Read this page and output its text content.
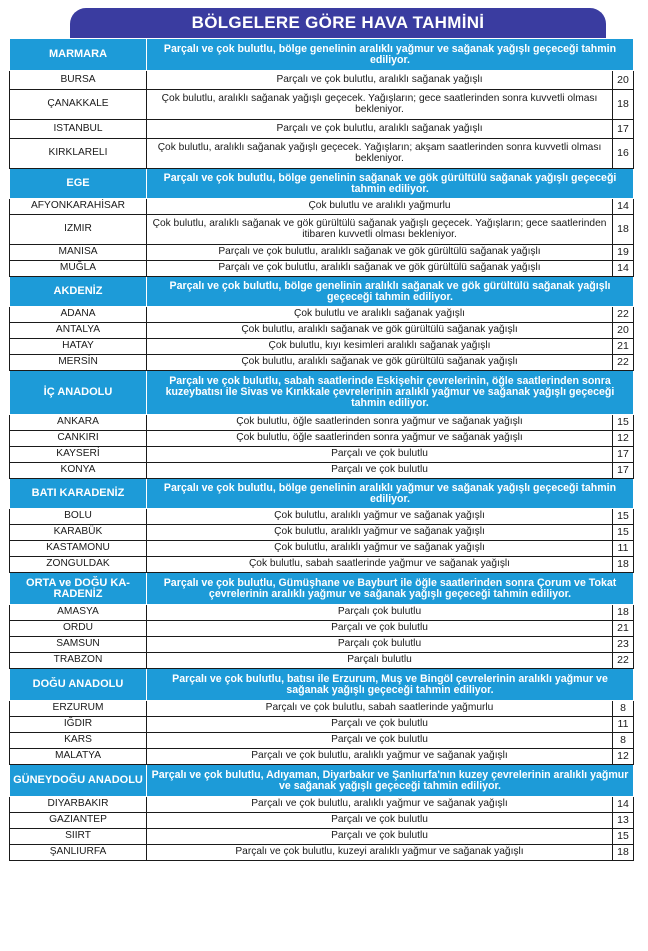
BÖLGELERE GÖRE HAVA TAHMİNİ
MARMARA	Parçalı ve çok bulutlu, bölge genelinin aralıklı yağmur ve sağanak yağışlı geçeceği tahmin ediliyor.	
BURSA	Parçalı ve çok bulutlu, aralıklı sağanak yağışlı	20
ÇANAKKALE	Çok bulutlu, aralıklı sağanak yağışlı geçecek. Yağışların; gece saatlerinden sonra kuvvetli olması bekleniyor.	18
ISTANBUL	Parçalı ve çok bulutlu, aralıklı sağanak yağışlı	17
KIRKLARELI	Çok bulutlu, aralıklı sağanak yağışlı geçecek. Yağışların; akşam saatlerinden sonra kuvvetli olması bekleniyor.	16
EGE	Parçalı ve çok bulutlu, bölge genelinin sağanak ve gök gürültülü sağanak yağışlı geçeceği tahmin ediliyor.	
AFYONKARAHİSAR	Çok bulutlu ve aralıklı yağmurlu	14
IZMIR	Çok bulutlu, aralıklı sağanak ve gök gürültülü sağanak yağışlı geçecek. Yağışların; gece saatlerinden itibaren kuvvetli olması bekleniyor.	18
MANISA	Parçalı ve çok bulutlu, aralıklı sağanak ve gök gürültülü sağanak yağışlı	19
MUĞLA	Parçalı ve çok bulutlu, aralıklı sağanak ve gök gürültülü sağanak yağışlı	14
AKDENİZ	Parçalı ve çok bulutlu, bölge genelinin aralıklı sağanak ve gök gürültülü sağanak yağışlı geçeceği tahmin ediliyor.	
ADANA	Çok bulutlu ve aralıklı sağanak yağışlı	22
ANTALYA	Çok bulutlu, aralıklı sağanak ve gök gürültülü sağanak yağışlı	20
HATAY	Çok bulutlu, kıyı kesimleri aralıklı sağanak yağışlı	21
MERSİN	Çok bulutlu, aralıklı sağanak ve gök gürültülü sağanak yağışlı	22
İÇ ANADOLU	Parçalı ve çok bulutlu, sabah saatlerinde Eskişehir çevrelerinin, öğle saatlerinden sonra kuzeybatısı ile Sivas ve Kırıkkale çevrelerinin aralıklı yağmur ve sağanak yağışlı geçeceği tahmin ediliyor.	
ANKARA	Çok bulutlu, öğle saatlerinden sonra yağmur ve sağanak yağışlı	15
CANKIRI	Çok bulutlu, öğle saatlerinden sonra yağmur ve sağanak yağışlı	12
KAYSERİ	Parçalı ve çok bulutlu	17
KONYA	Parçalı ve çok bulutlu	17
BATI KARADENİZ	Parçalı ve çok bulutlu, bölge genelinin aralıklı yağmur ve sağanak yağışlı geçeceği tahmin ediliyor.	
BOLU	Çok bulutlu, aralıklı yağmur ve sağanak yağışlı	15
KARABÜK	Çok bulutlu, aralıklı yağmur ve sağanak yağışlı	15
KASTAMONU	Çok bulutlu, aralıklı yağmur ve sağanak yağışlı	11
ZONGULDAK	Çok bulutlu, sabah saatlerinde yağmur ve sağanak yağışlı	18
ORTA ve DOĞU KA-RADENİZ	Parçalı ve çok bulutlu, Gümüşhane ve Bayburt ile öğle saatlerinden sonra Çorum ve Tokat çevrelerinin aralıklı yağmur ve sağanak yağışlı geçeceği tahmin ediliyor.	
AMASYA	Parçalı çok bulutlu	18
ORDU	Parçalı ve çok bulutlu	21
SAMSUN	Parçalı çok bulutlu	23
TRABZON	Parçalı bulutlu	22
DOĞU ANADOLU	Parçalı ve çok bulutlu, batısı ile Erzurum, Muş ve Bingöl çevrelerinin aralıklı yağmur ve sağanak yağışlı geçeceği tahmin ediliyor.	
ERZURUM	Parçalı ve çok bulutlu, sabah saatlerinde yağmurlu	8
IĞDIR	Parçalı ve çok bulutlu	11
KARS	Parçalı ve çok bulutlu	8
MALATYA	Parçalı ve çok bulutlu, aralıklı yağmur ve sağanak yağışlı	12
GÜNEYDOĞU ANADOLU	Parçalı ve çok bulutlu, Adıyaman, Diyarbakır ve Şanlıurfa'nın kuzey çevrelerinin aralıklı yağmur ve sağanak yağışlı geçeceği tahmin ediliyor.	
DIYARBAKIR	Parçalı ve çok bulutlu, aralıklı yağmur ve sağanak yağışlı	14
GAZIANTEP	Parçalı ve çok bulutlu	13
SIIRT	Parçalı ve çok bulutlu	15
ŞANLIURFA	Parçalı ve çok bulutlu, kuzeyi aralıklı yağmur ve sağanak yağışlı	18
